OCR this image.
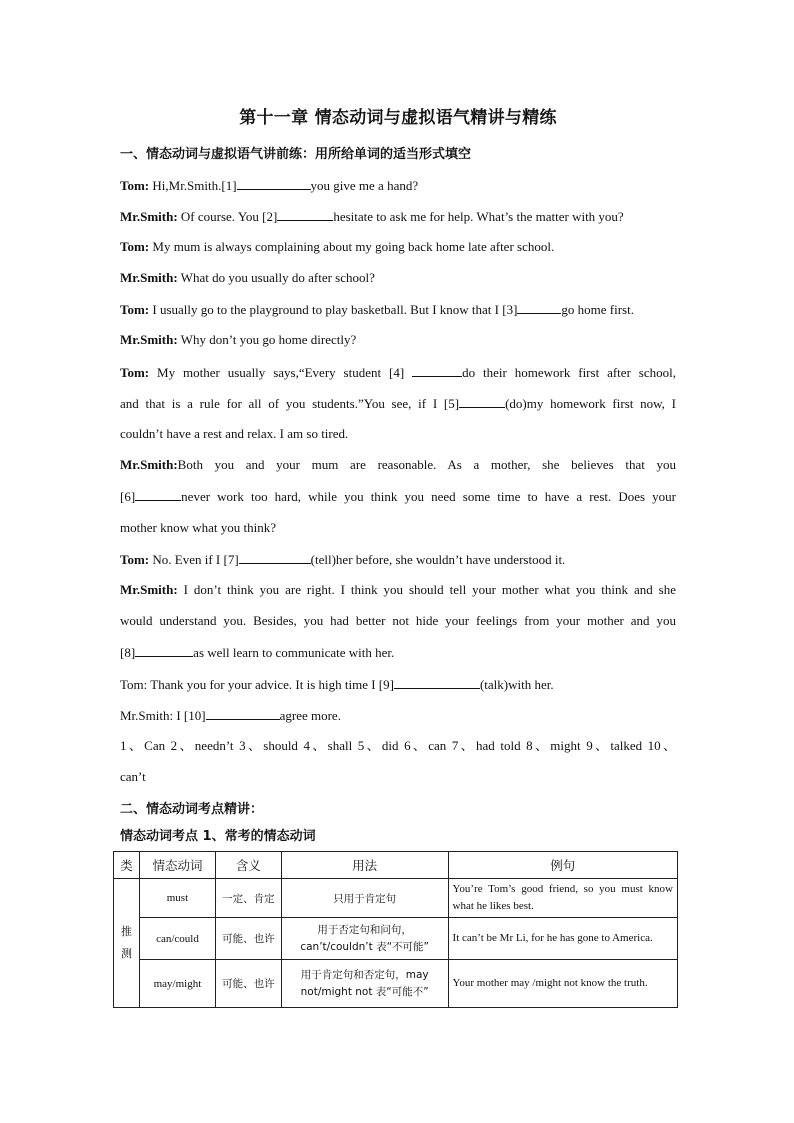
第十一章 情态动词与虚拟语气精讲与精练
一、情态动词与虚拟语气讲前练：用所给单词的适当形式填空
Tom: Hi,Mr.Smith.[1]	you give me a hand?
Mr.Smith: Of course. You [2]	hesitate to ask me for help. What’s the matter with you?
Tom: My mum is always complaining about my going back home late after school.
Mr.Smith: What do you usually do after school?
Tom: I usually go to the playground to play basketball. But I know that I [3]	go home first.
Mr.Smith: Why don’t you go home directly?
Tom: My mother usually says,“Every student [4]	do their homework first after school,
and that is a rule for all of you students.”You see, if I [5]	(do)my homework first now, I
couldn’t have a rest and relax. I am so tired.
Mr.Smith:Both you and your mum are reasonable. As a mother, she believes that you
[6]	never work too hard, while you think you need some time to have a rest. Does your
mother know what you think?
Tom: No. Even if I [7]	(tell)her before, she wouldn’t have understood it.
Mr.Smith: I don’t think you are right. I think you should tell your mother what you think and she
would understand you. Besides, you had better not hide your feelings from your mother and you
[8]	as well learn to communicate with her.
Tom: Thank you for your advice. It is high time I [9]	(talk)with her.
Mr.Smith: I [10]	agree more.
1、Can 2、needn’t 3、should 4、shall 5、did 6、can 7、had told 8、might 9、talked 10、
can’t
二、情态动词考点精讲：
情态动词考点 1、常考的情态动词
类	情态动词	含义	用法	例句
推测	must	一定、肯定	只用于肯定句	You’re Tom’s good friend, so you must know what he likes best.
	can/could	可能、也许	用于否定句和问句，can’t/couldn’t 表“不可能”	It can’t be Mr Li, for he has gone to America.
	may/might	可能、也许	用于肯定句和否定句，may not/might not 表“可能不”	Your mother may /might not know the truth.
